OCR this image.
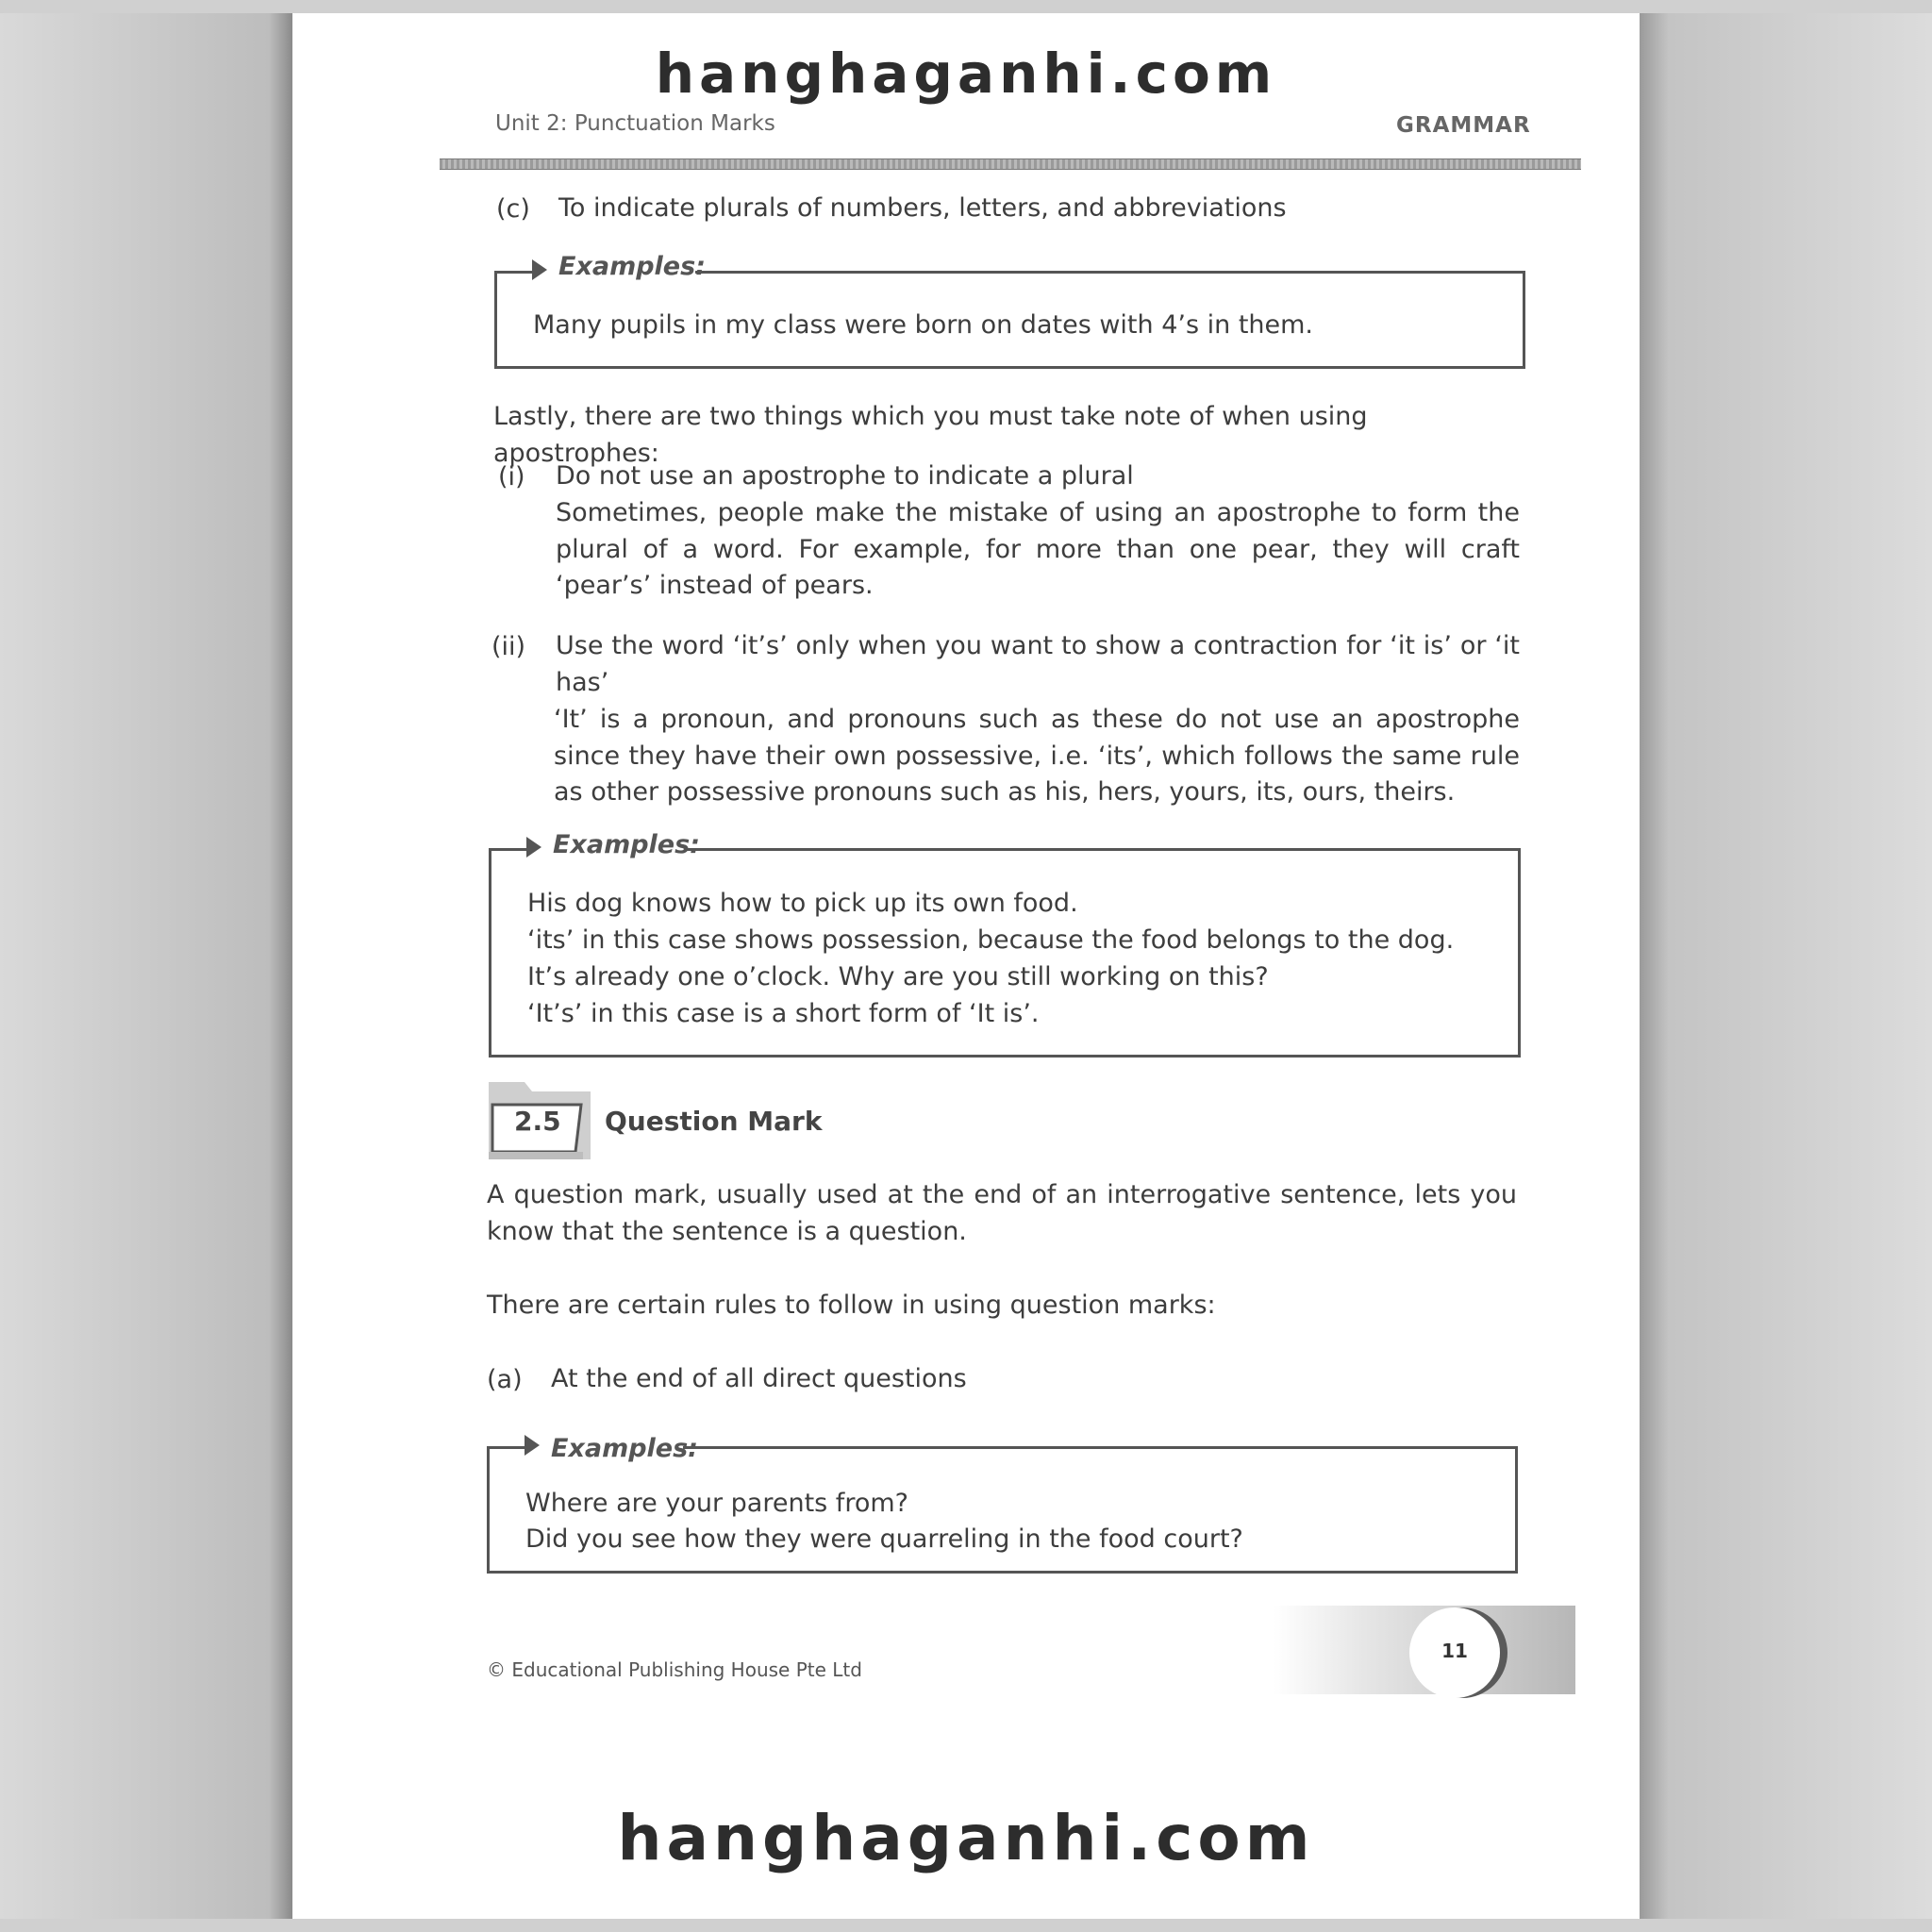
hanghaganhi.com
Unit 2: Punctuation Marks	GRAMMAR
(c) To indicate plurals of numbers, letters, and abbreviations
Examples:
Many pupils in my class were born on dates with 4’s in them.
Lastly, there are two things which you must take note of when using apostrophes:
(i) Do not use an apostrophe to indicate a plural
Sometimes, people make the mistake of using an apostrophe to form the plural of a word. For example, for more than one pear, they will craft ‘pear’s’ instead of pears.
(ii) Use the word ‘it’s’ only when you want to show a contraction for ‘it is’ or ‘it has’
‘It’ is a pronoun, and pronouns such as these do not use an apostrophe since they have their own possessive, i.e. ‘its’, which follows the same rule as other possessive pronouns such as his, hers, yours, its, ours, theirs.
Examples:
His dog knows how to pick up its own food.
‘its’ in this case shows possession, because the food belongs to the dog.
It’s already one o’clock. Why are you still working on this?
‘It’s’ in this case is a short form of ‘It is’.
2.5 Question Mark
A question mark, usually used at the end of an interrogative sentence, lets you know that the sentence is a question.
There are certain rules to follow in using question marks:
(a) At the end of all direct questions
Examples:
Where are your parents from?
Did you see how they were quarreling in the food court?
© Educational Publishing House Pte Ltd
11
hanghaganhi.com
